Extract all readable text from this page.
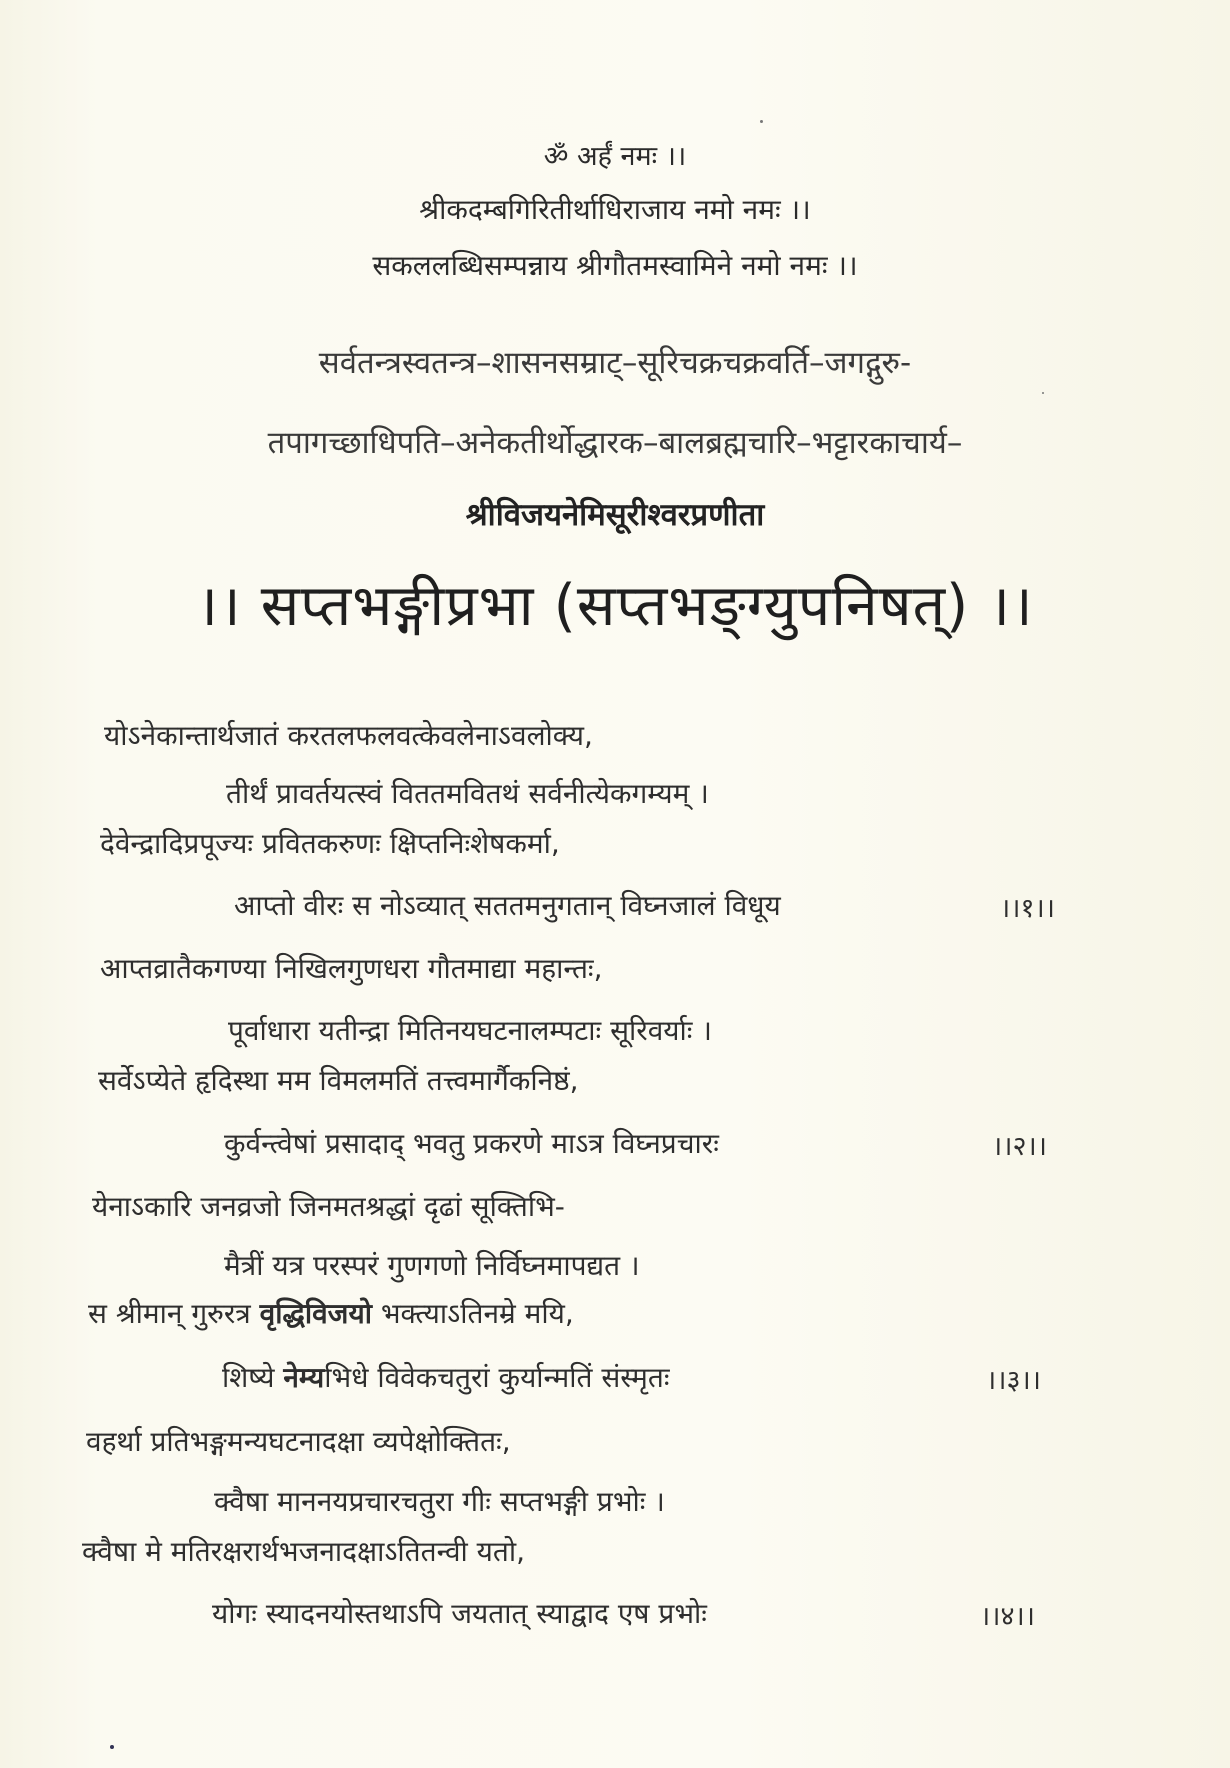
ॐ अर्हं नमः ।।
श्रीकदम्बगिरितीर्थाधिराजाय नमो नमः ।।
सकललब्धिसम्पन्नाय श्रीगौतमस्वामिने नमो नमः ।।
सर्वतन्त्रस्वतन्त्र–शासनसम्राट्–सूरिचक्रचक्रवर्ति–जगद्गुरु-
तपागच्छाधिपति–अनेकतीर्थोद्धारक–बालब्रह्मचारि–भट्टारकाचार्य–
श्रीविजयनेमिसूरीश्वरप्रणीता
।। सप्तभङ्गीप्रभा (सप्तभङ्ग्युपनिषत्) ।।
योऽनेकान्तार्थजातं करतलफलवत्केवलेनाऽवलोक्य,
तीर्थं प्रावर्तयत्स्वं विततमवितथं सर्वनीत्येकगम्यम् ।
देवेन्द्रादिप्रपूज्यः प्रवितकरुणः क्षिप्तनिःशेषकर्मा,
आप्तो वीरः स नोऽव्यात् सततमनुगतान् विघ्नजालं विधूय	।।१।।
आप्तव्रातैकगण्या निखिलगुणधरा गौतमाद्या महान्तः,
पूर्वाधारा यतीन्द्रा मितिनयघटनालम्पटाः सूरिवर्याः ।
सर्वेऽप्येते हृदिस्था मम विमलमतिं तत्त्वमार्गैकनिष्ठं,
कुर्वन्त्वेषां प्रसादाद् भवतु प्रकरणे माऽत्र विघ्नप्रचारः	।।२।।
येनाऽकारि जनव्रजो जिनमतश्रद्धां दृढां सूक्तिभि-
मैत्रीं यत्र परस्परं गुणगणो निर्विघ्नमापद्यत ।
स श्रीमान् गुरुरत्र वृद्धिविजयो भक्त्याऽतिनम्रे मयि,
शिष्ये नेम्यभिधे विवेकचतुरां कुर्यान्मतिं संस्मृतः	।।३।।
वहर्था प्रतिभङ्गमन्यघटनादक्षा व्यपेक्षोक्तितः,
क्वैषा माननयप्रचारचतुरा गीः सप्तभङ्गी प्रभोः ।
क्वैषा मे मतिरक्षरार्थभजनादक्षाऽतितन्वी यतो,
योगः स्यादनयोस्तथाऽपि जयतात् स्याद्वाद एष प्रभोः	।।४।।
